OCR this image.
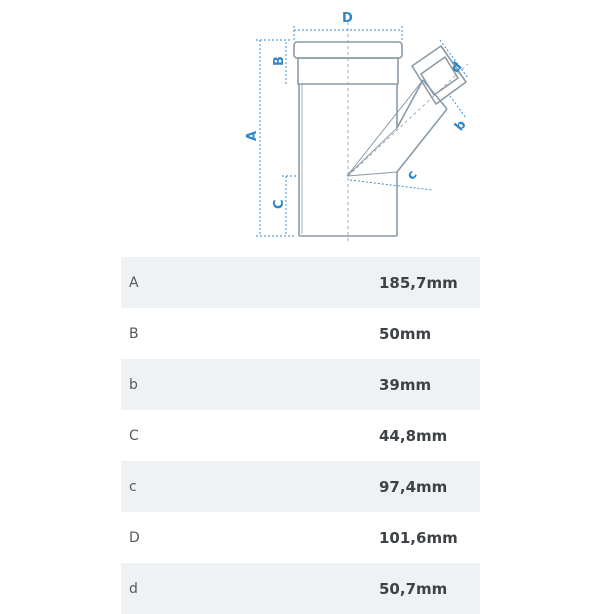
D
A
B
C
c
d
b
A	185,7mm
B	50mm
b	39mm
C	44,8mm
c	97,4mm
D	101,6mm
d	50,7mm
